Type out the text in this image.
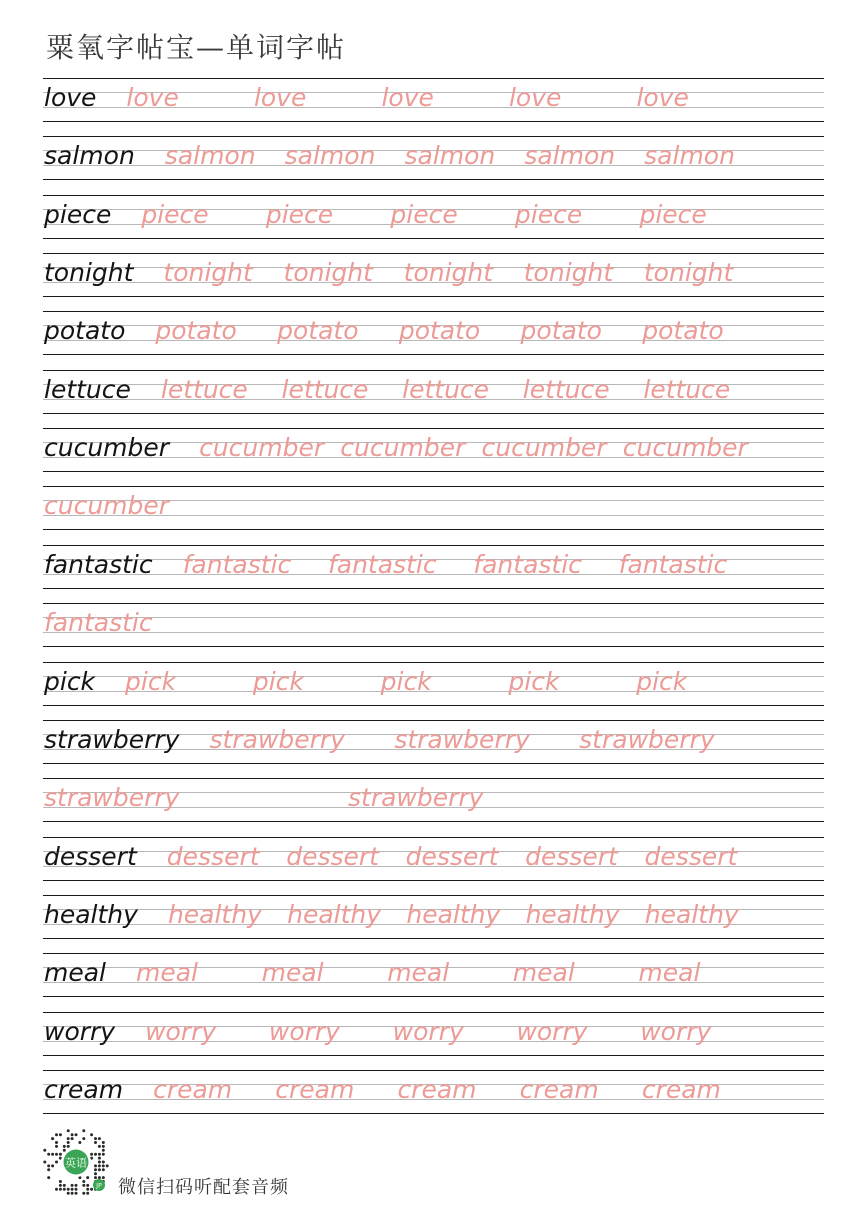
粟氧字帖宝—单词字帖
love love	love	love	love	love
salmon salmon salmon salmon salmon salmon
piece piece piece piece piece piece
tonight tonight tonight tonight tonight tonight
potato potato potato potato potato potato
lettuce lettuce lettuce lettuce lettuce lettuce
cucumber cucumber cucumber cucumber cucumber
cucumber
fantastic fantastic fantastic fantastic fantastic
fantastic
pick pick	pick	pick	pick	pick
strawberry strawberry strawberry strawberry
strawberry	strawberry
dessert dessert dessert dessert dessert dessert
healthy healthy healthy healthy healthy healthy
meal meal	meal	meal	meal	meal
worry worry worry worry worry worry
cream cream cream cream cream cream
英语
JP 微信扫码听配套音频
